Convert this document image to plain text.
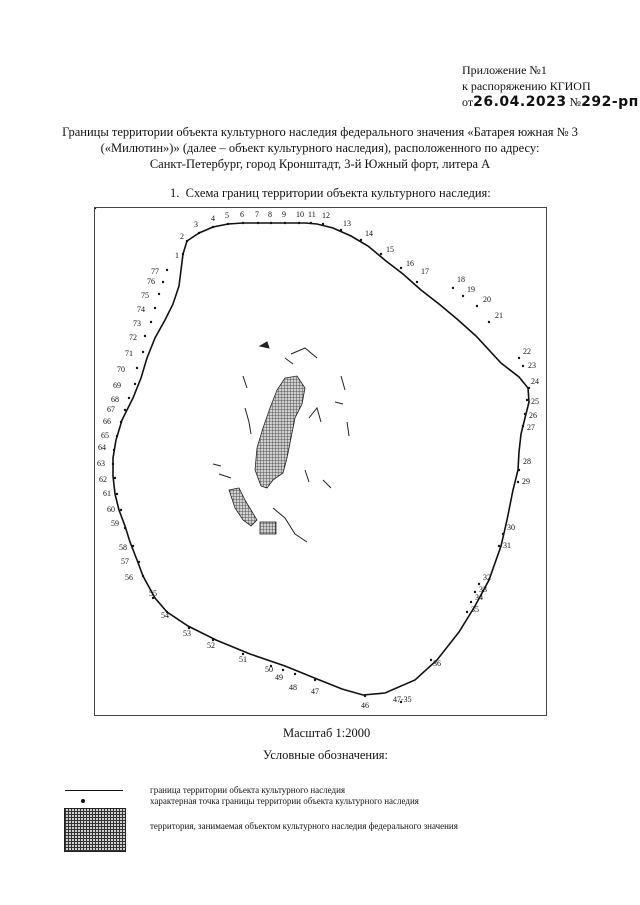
Приложение №1
к распоряжению КГИОП
от26.04.2023 №292-рп
Границы территории объекта культурного наследия федерального значения «Батарея южная № 3
(«Милютин»)» (далее – объект культурного наследия), расположенного по адресу:
Санкт-Петербург, город Кронштадт, 3-й Южный форт, литера А
1. Схема границ территории объекта культурного наследия:
1
2
3
4 5 6 7 8 9 10 11 12
13
14
15
16
17
18
19
20
21
22
23
24
25
26
27
28
29
30
31
32
33
34
35
36
47-35
46
47
48
49
50
51
52
53
54
55
56
57
58
59
60
61
62
63
64
65
66
67
68
69
70
71
72
73
74
75
76
77
Масштаб 1:2000
Условные обозначения:
граница территории объекта культурного наследия
характерная точка границы территории объекта культурного наследия
территория, занимаемая объектом культурного наследия федерального значения
